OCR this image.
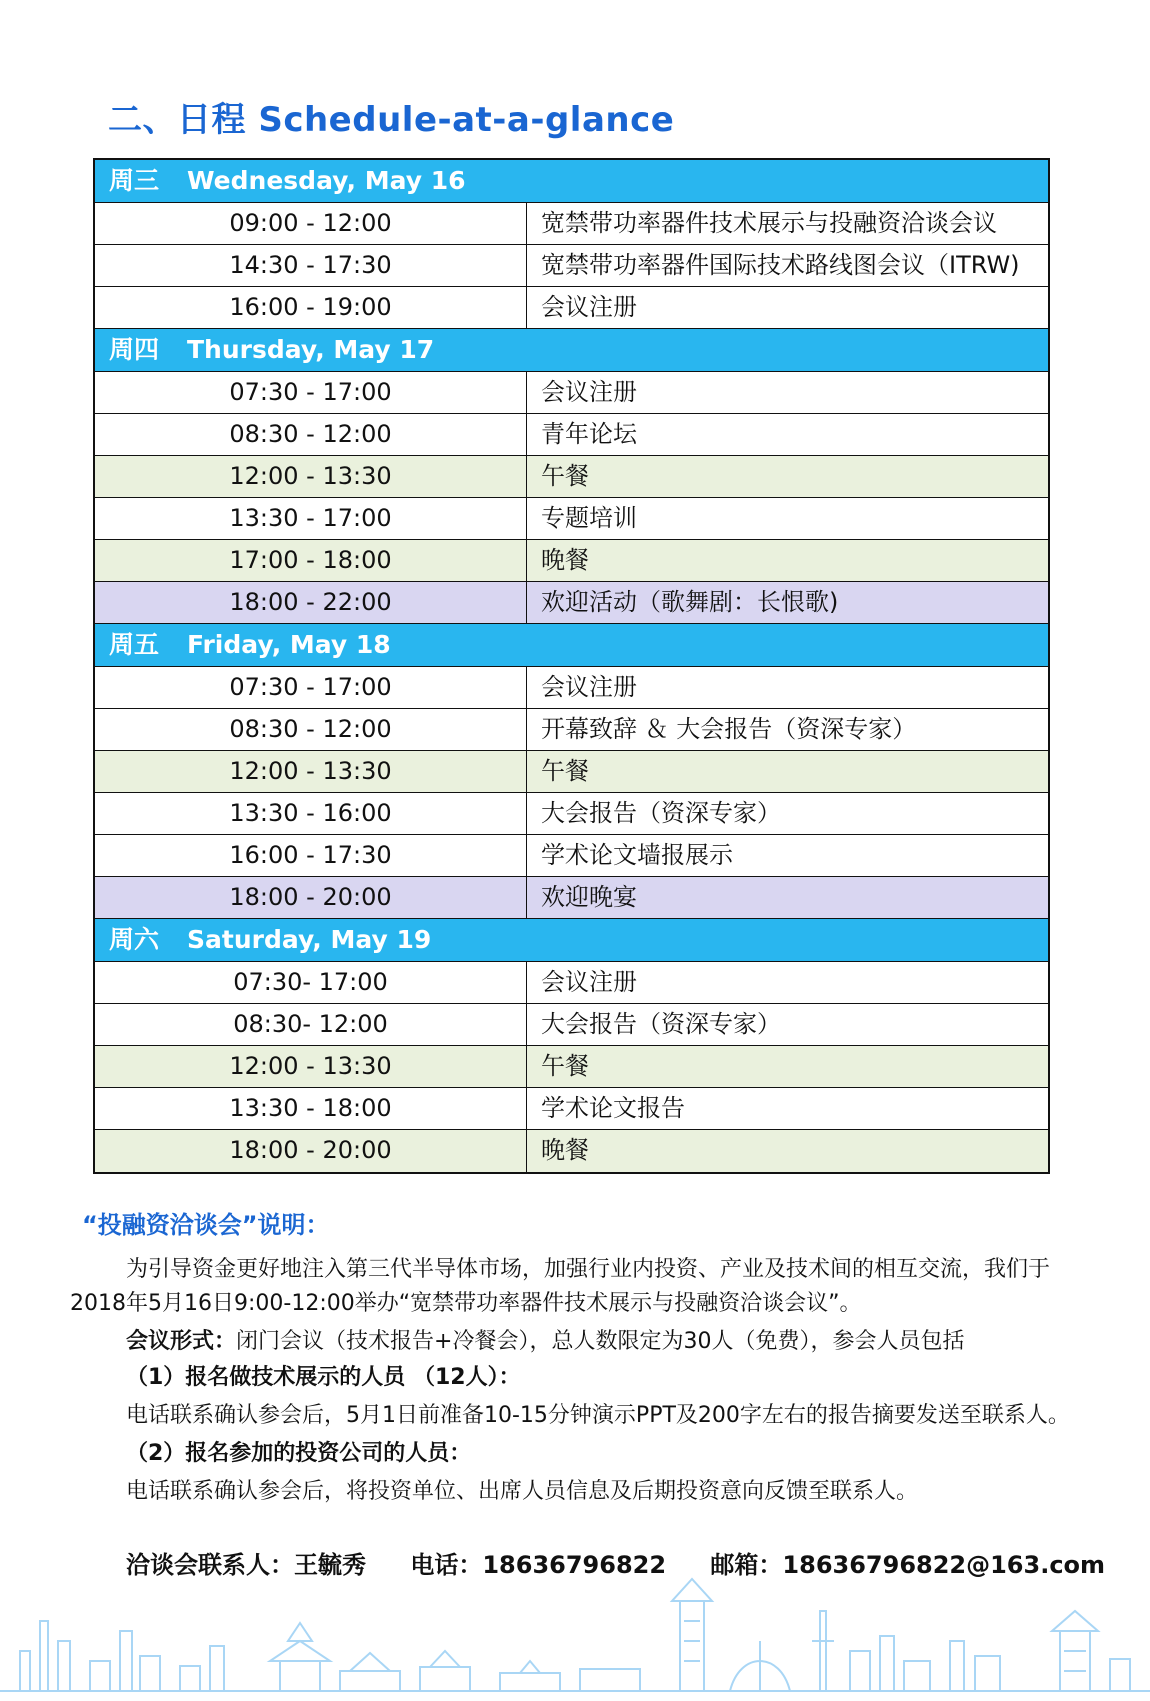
二、日程 Schedule-at-a-glance
周三 Wednesday, May 16
09:00 - 12:00	宽禁带功率器件技术展示与投融资洽谈会议
14:30 - 17:30	宽禁带功率器件国际技术路线图会议（ITRW)
16:00 - 19:00	会议注册
周四 Thursday, May 17
07:30 - 17:00	会议注册
08:30 - 12:00	青年论坛
12:00 - 13:30	午餐
13:30 - 17:00	专题培训
17:00 - 18:00	晚餐
18:00 - 22:00	欢迎活动（歌舞剧：长恨歌)
周五 Friday, May 18
07:30 - 17:00	会议注册
08:30 - 12:00	开幕致辞 ＆ 大会报告（资深专家）
12:00 - 13:30	午餐
13:30 - 16:00	大会报告（资深专家）
16:00 - 17:30	学术论文墙报展示
18:00 - 20:00	欢迎晚宴
周六 Saturday, May 19
07:30- 17:00	会议注册
08:30- 12:00	大会报告（资深专家）
12:00 - 13:30	午餐
13:30 - 18:00	学术论文报告
18:00 - 20:00	晚餐
“投融资洽谈会”说明：
为引导资金更好地注入第三代半导体市场，加强行业内投资、产业及技术间的相互交流，我们于
2018年5月16日9:00-12:00举办“宽禁带功率器件技术展示与投融资洽谈会议”。
会议形式：闭门会议（技术报告+冷餐会），总人数限定为30人（免费），参会人员包括
（1）报名做技术展示的人员 （12人）：
电话联系确认参会后，5月1日前准备10-15分钟演示PPT及200字左右的报告摘要发送至联系人。
（2）报名参加的投资公司的人员：
电话联系确认参会后，将投资单位、出席人员信息及后期投资意向反馈至联系人。
洽谈会联系人：王毓秀 电话：18636796822 邮箱：18636796822@163.com
